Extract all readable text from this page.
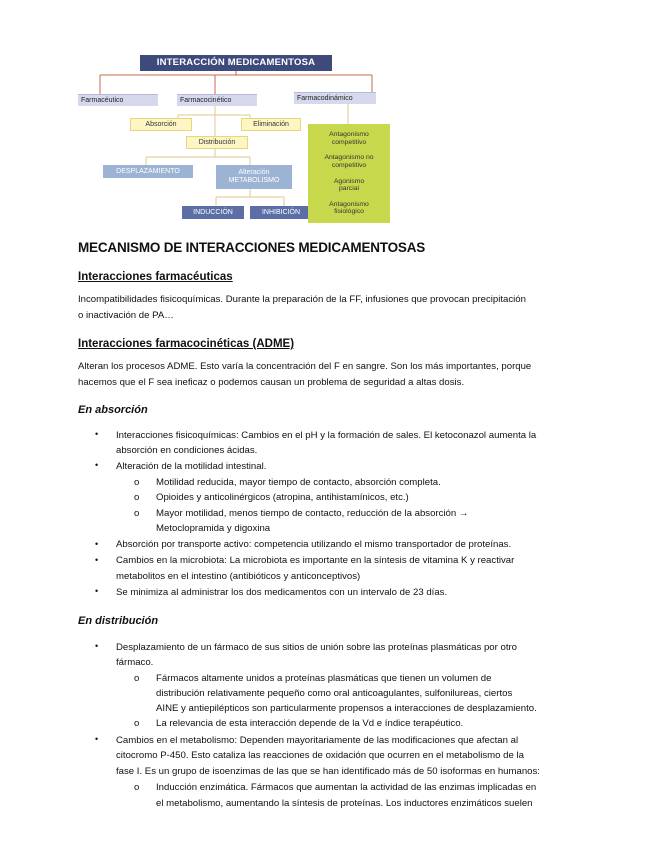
INTERACCIÓN MEDICAMENTOSA
Farmacéutico	Farmacocinético	Farmacodinámico
Absorción	Eliminación
Distribución
DESPLAZAMIENTO	Alteración
METABOLISMO
INDUCCIÓN	INHIBICIÓN
Antagonismo
competitivo
Antagonismo no
competitivo
Agonismo
parcial
Antagonismo
fisiológico
MECANISMO DE INTERACCIONES MEDICAMENTOSAS
Interacciones farmacéuticas

Incompatibilidades fisicoquímicas. Durante la preparación de la FF, infusiones que provocan precipitación

o inactivación de PA…

Interacciones farmacocinéticas (ADME)

Alteran los procesos ADME. Esto varía la concentración del F en sangre. Son los más importantes, porque

hacemos que el F sea ineficaz o podemos causan un problema de seguridad a altas dosis.

En absorción
• Interacciones fisicoquímicas: Cambios en el pH y la formación de sales. El ketoconazol aumenta la

absorción en condiciones ácidas.

• Alteración de la motilidad intestinal.

o Motilidad reducida, mayor tiempo de contacto, absorción completa.

o Opioides y anticolinérgicos (atropina, antihistamínicos, etc.)

o Mayor motilidad, menos tiempo de contacto, reducción de la absorción →

Metoclopramida y digoxina

• Absorción por transporte activo: competencia utilizando el mismo transportador de proteínas.

• Cambios en la microbiota: La microbiota es importante en la síntesis de vitamina K y reactivar

metabolitos en el intestino (antibióticos y anticonceptivos)

• Se minimiza al administrar los dos medicamentos con un intervalo de 23 días.

En distribución
• Desplazamiento de un fármaco de sus sitios de unión sobre las proteínas plasmáticas por otro

fármaco.

o Fármacos altamente unidos a proteínas plasmáticas que tienen un volumen de

distribución relativamente pequeño como oral anticoagulantes, sulfonilureas, ciertos

AINE y antiepilépticos son particularmente propensos a interacciones de desplazamiento.

o La relevancia de esta interacción depende de la Vd e índice terapéutico.

• Cambios en el metabolismo: Dependen mayoritariamente de las modificaciones que afectan al

citocromo P-450. Esto cataliza las reacciones de oxidación que ocurren en el metabolismo de la

fase I. Es un grupo de isoenzimas de las que se han identificado más de 50 isoformas en humanos:

o Inducción enzimática. Fármacos que aumentan la actividad de las enzimas implicadas en

el metabolismo, aumentando la síntesis de proteínas. Los inductores enzimáticos suelen
